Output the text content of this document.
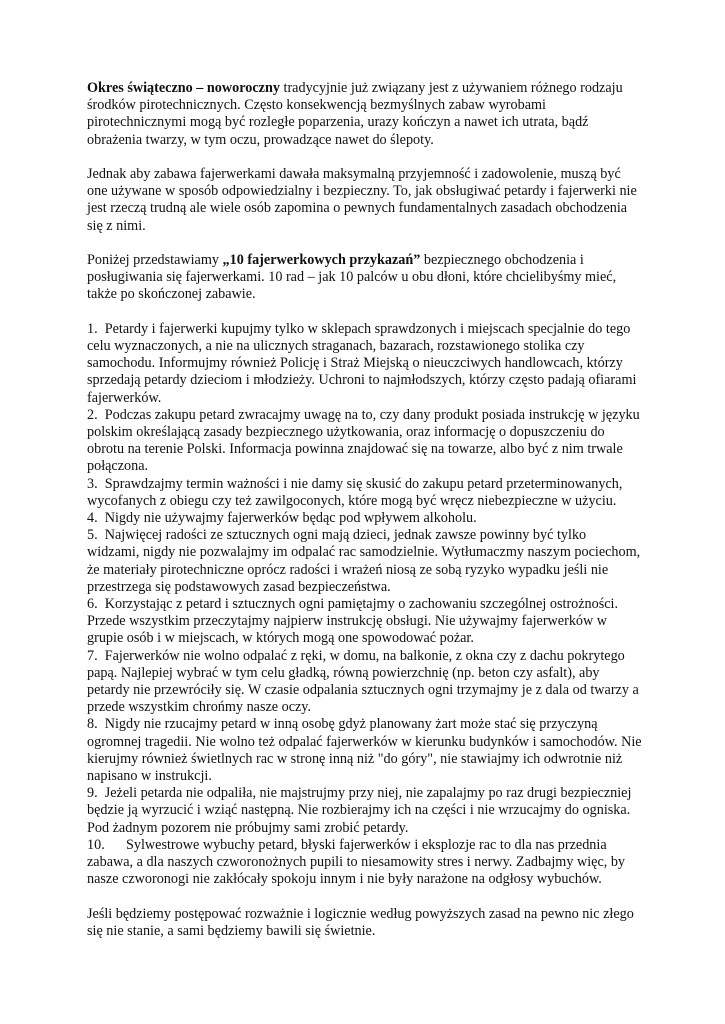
Okres świąteczno – noworoczny tradycyjnie już związany jest z używaniem różnego rodzaju środków pirotechnicznych. Często konsekwencją bezmyślnych zabaw wyrobami pirotechnicznymi mogą być rozległe poparzenia, urazy kończyn a nawet ich utrata, bądź obrażenia twarzy, w tym oczu, prowadzące nawet do ślepoty.

Jednak aby zabawa fajerwerkami dawała maksymalną przyjemność i zadowolenie, muszą być one używane w sposób odpowiedzialny i bezpieczny. To, jak obsługiwać petardy i fajerwerki nie jest rzeczą trudną ale wiele osób zapomina o pewnych fundamentalnych zasadach obchodzenia się z nimi.

Poniżej przedstawiamy „10 fajerwerkowych przykazań” bezpiecznego obchodzenia i posługiwania się fajerwerkami. 10 rad – jak 10 palców u obu dłoni, które chcielibyśmy mieć, także po skończonej zabawie.

1. Petardy i fajerwerki kupujmy tylko w sklepach sprawdzonych i miejscach specjalnie do tego celu wyznaczonych, a nie na ulicznych straganach, bazarach, rozstawionego stolika czy samochodu. Informujmy również Policję i Straż Miejską o nieuczciwych handlowcach, którzy sprzedają petardy dzieciom i młodzieży. Uchroni to najmłodszych, którzy często padają ofiarami fajerwerków.

2. Podczas zakupu petard zwracajmy uwagę na to, czy dany produkt posiada instrukcję w języku polskim określającą zasady bezpiecznego użytkowania, oraz informację o dopuszczeniu do obrotu na terenie Polski. Informacja powinna znajdować się na towarze, albo być z nim trwale połączona.

3. Sprawdzajmy termin ważności i nie damy się skusić do zakupu petard przeterminowanych, wycofanych z obiegu czy też zawilgoconych, które mogą być wręcz niebezpieczne w użyciu.

4. Nigdy nie używajmy fajerwerków będąc pod wpływem alkoholu.

5. Najwięcej radości ze sztucznych ogni mają dzieci, jednak zawsze powinny być tylko widzami, nigdy nie pozwalajmy im odpalać rac samodzielnie. Wytłumaczmy naszym pociechom, że materiały pirotechniczne oprócz radości i wrażeń niosą ze sobą ryzyko wypadku jeśli nie przestrzega się podstawowych zasad bezpieczeństwa.

6. Korzystając z petard i sztucznych ogni pamiętajmy o zachowaniu szczególnej ostrożności. Przede wszystkim przeczytajmy najpierw instrukcję obsługi. Nie używajmy fajerwerków w grupie osób i w miejscach, w których mogą one spowodować pożar.

7. Fajerwerków nie wolno odpalać z ręki, w domu, na balkonie, z okna czy z dachu pokrytego papą. Najlepiej wybrać w tym celu gładką, równą powierzchnię (np. beton czy asfalt), aby petardy nie przewróciły się. W czasie odpalania sztucznych ogni trzymajmy je z dala od twarzy a przede wszystkim chrońmy nasze oczy.

8. Nigdy nie rzucajmy petard w inną osobę gdyż planowany żart może stać się przyczyną ogromnej tragedii. Nie wolno też odpalać fajerwerków w kierunku budynków i samochodów. Nie kierujmy również świetlnych rac w stronę inną niż "do góry", nie stawiajmy ich odwrotnie niż napisano w instrukcji.

9. Jeżeli petarda nie odpaliła, nie majstrujmy przy niej, nie zapalajmy po raz drugi bezpieczniej będzie ją wyrzucić i wziąć następną. Nie rozbierajmy ich na części i nie wrzucajmy do ogniska. Pod żadnym pozorem nie próbujmy sami zrobić petardy.

10. Sylwestrowe wybuchy petard, błyski fajerwerków i eksplozje rac to dla nas przednia zabawa, a dla naszych czworonożnych pupili to niesamowity stres i nerwy. Zadbajmy więc, by nasze czworonogi nie zakłócały spokoju innym i nie były narażone na odgłosy wybuchów.

Jeśli będziemy postępować rozważnie i logicznie według powyższych zasad na pewno nic złego się nie stanie, a sami będziemy bawili się świetnie.
